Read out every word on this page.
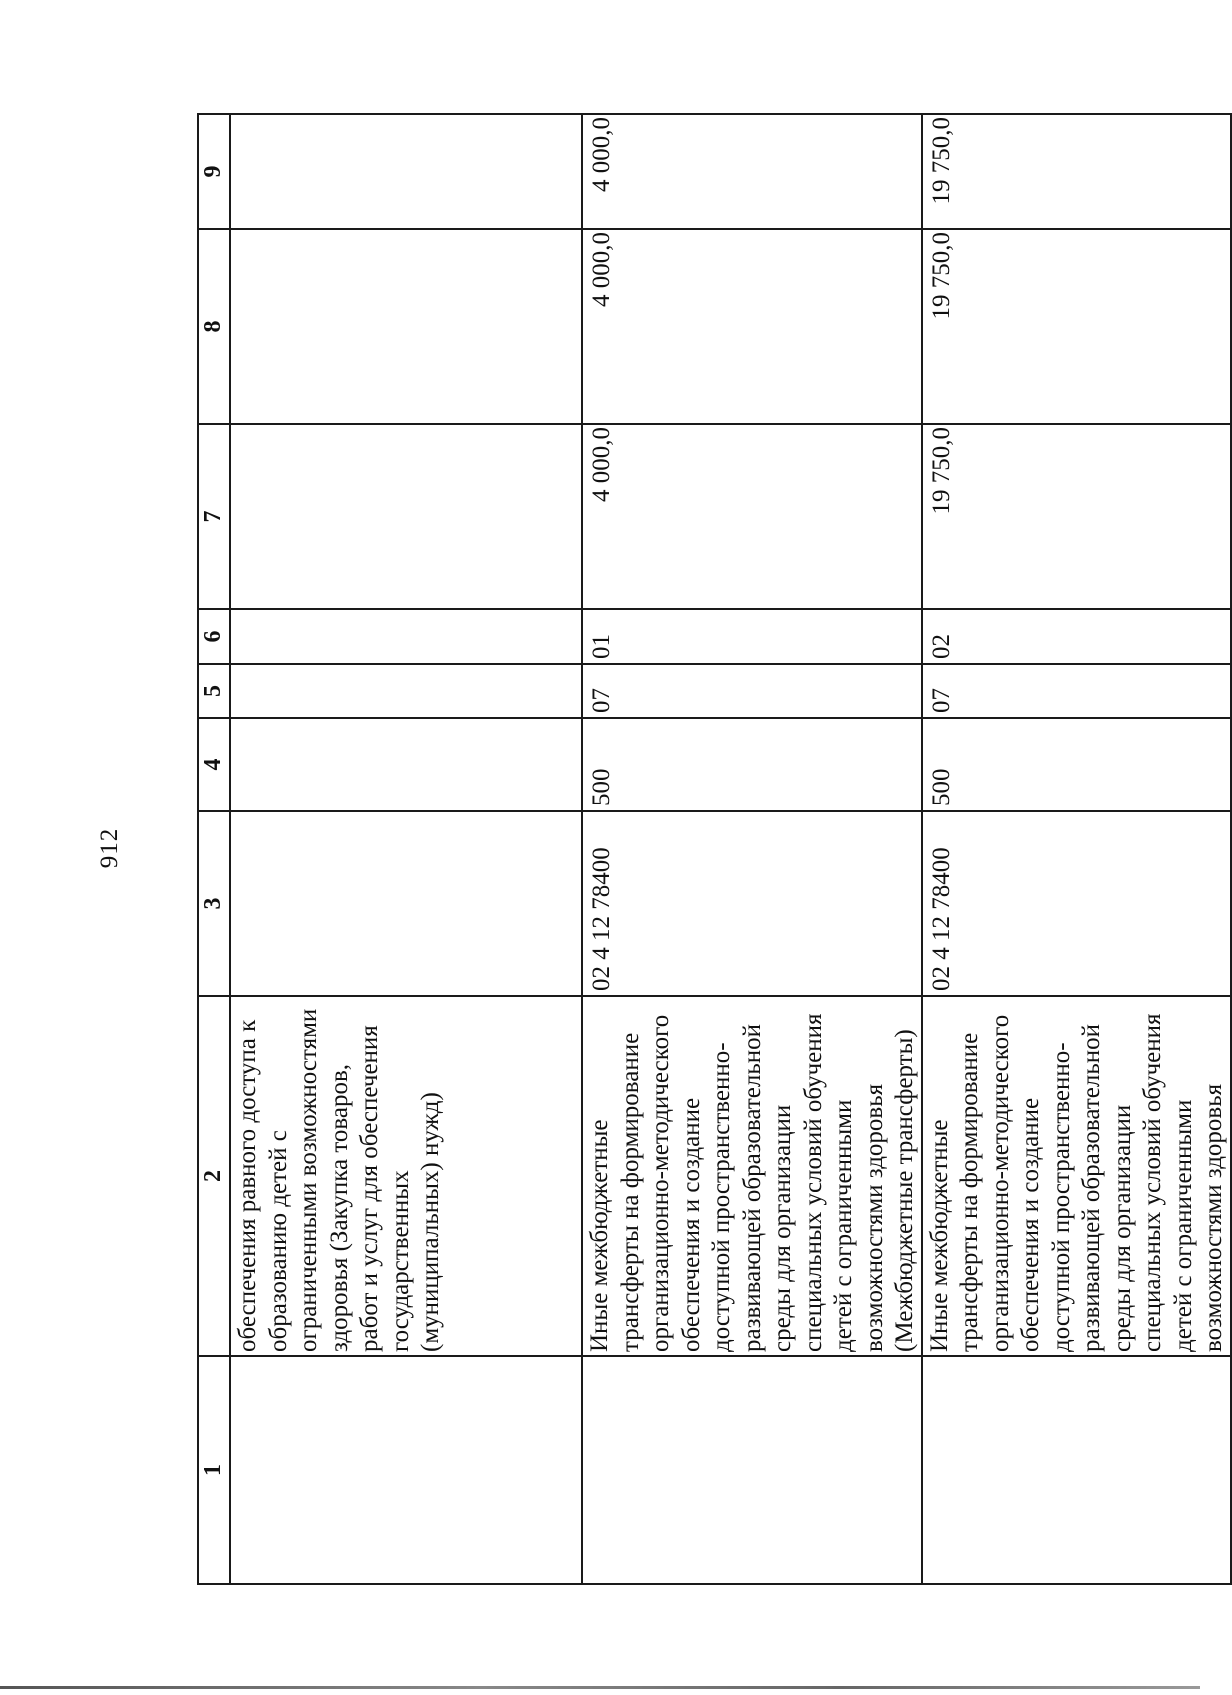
912
1	2	3	4	5	6	7	8	9
	обеспечения равного доступа к образованию детей с ограниченными возможностями здоровья (Закупка товаров, работ и услуг для обеспечения государственных (муниципальных) нужд)							
	Иные межбюджетные трансферты на формирование организационно-методического обеспечения и создание доступной пространственно-развивающей образовательной среды для организации специальных условий обучения детей с ограниченными возможностями здоровья (Межбюджетные трансферты)	02 4 12 78400	500	07	01	4 000,0	4 000,0	4 000,0
	Иные межбюджетные трансферты на формирование организационно-методического обеспечения и создание доступной пространственно-развивающей образовательной среды для организации специальных условий обучения детей с ограниченными возможностями здоровья	02 4 12 78400	500	07	02	19 750,0	19 750,0	19 750,0
